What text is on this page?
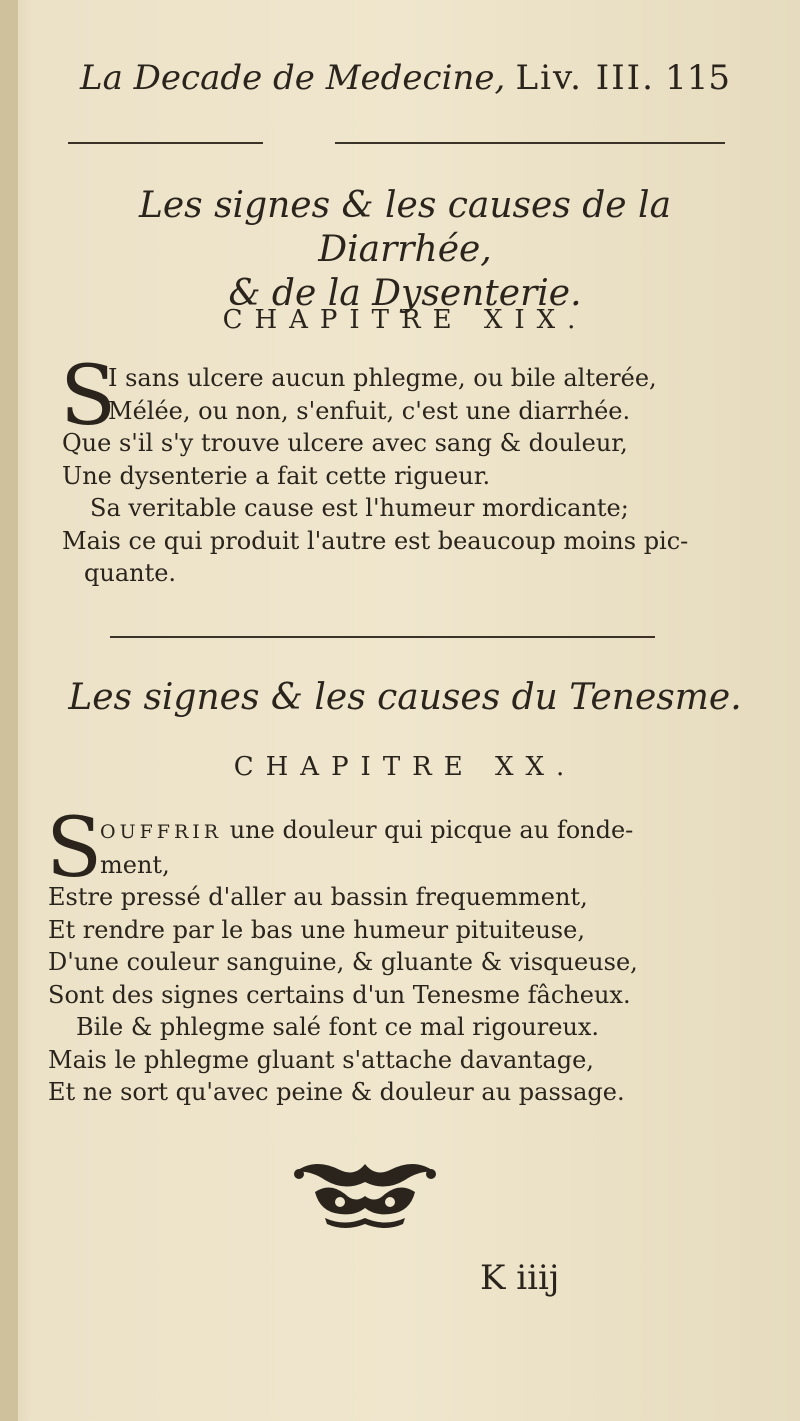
La Decade de Medecine, Liv. III. 115
Les signes & les causes de la Diarrhée,
& de la Dysenterie.
CHAPITRE XIX.
S
I sans ulcere aucun phlegme, ou bile alterée,
Mélée, ou non, s'enfuit, c'est une diarrhée.
Que s'il s'y trouve ulcere avec sang & douleur,
Une dysenterie a fait cette rigueur.
Sa veritable cause est l'humeur mordicante;
Mais ce qui produit l'autre est beaucoup moins pic-
quante.
Les signes & les causes du Tenesme.
CHAPITRE XX.
S
OUFFRIR une douleur qui picque au fonde-
ment,
Estre pressé d'aller au bassin frequemment,
Et rendre par le bas une humeur pituiteuse,
D'une couleur sanguine, & gluante & visqueuse,
Sont des signes certains d'un Tenesme fâcheux.
Bile & phlegme salé font ce mal rigoureux.
Mais le phlegme gluant s'attache davantage,
Et ne sort qu'avec peine & douleur au passage.
K iiij
